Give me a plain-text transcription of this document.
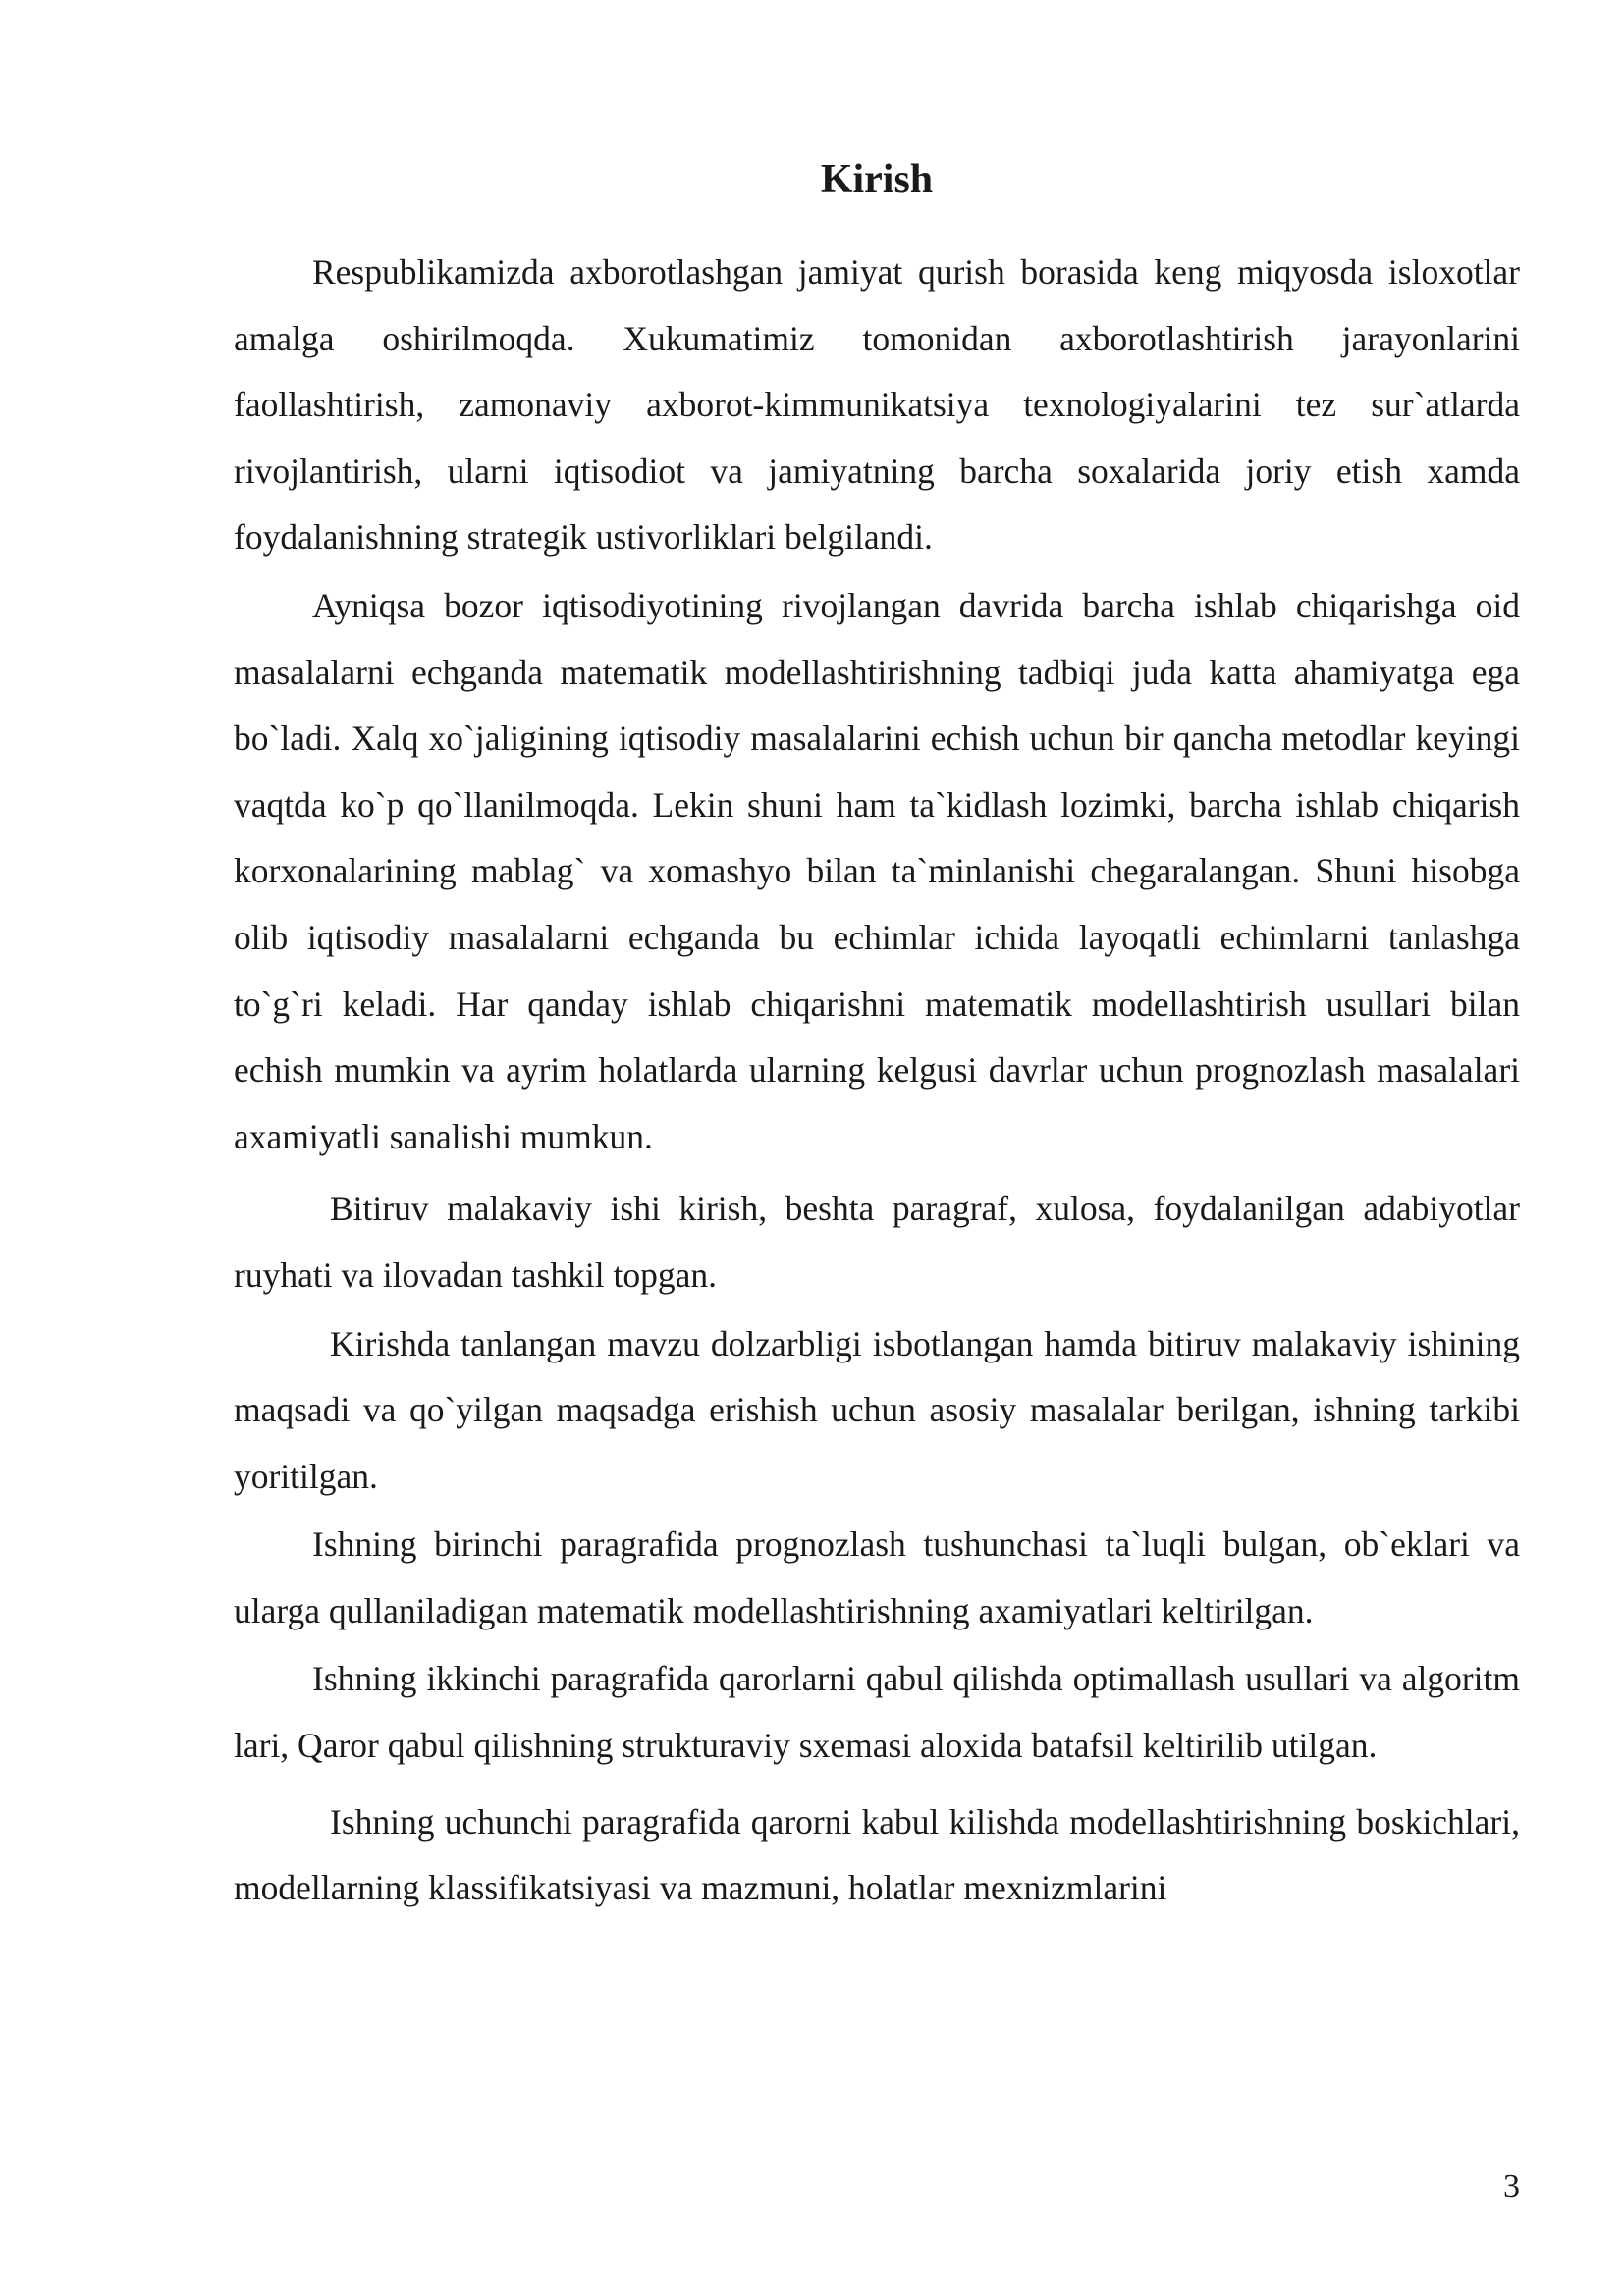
Kirish

Respublikamizda axborotlashgan jamiyat qurish borasida keng miqyosda isloxotlar amalga oshirilmoqda. Xukumatimiz tomonidan axborotlashtirish jarayonlarini faollashtirish, zamonaviy axborot-kimmunikatsiya texnologiyalarini tez sur`atlarda rivojlantirish, ularni iqtisodiot va jamiyatning barcha soxalarida joriy etish xamda foydalanishning strategik ustivorliklari belgilandi.

Ayniqsa bozor iqtisodiyotining rivojlangan davrida barcha ishlab chiqarishga oid masalalarni echganda matematik modellashtirishning tadbiqi juda katta ahamiyatga ega bo`ladi. Xalq xo`jaligining iqtisodiy masalalarini echish uchun bir qancha metodlar keyingi vaqtda ko`p qo`llanilmoqda. Lekin shuni ham ta`kidlash lozimki, barcha ishlab chiqarish korxonalarining mablag` va xomashyo bilan ta`minlanishi chegaralangan. Shuni hisobga olib iqtisodiy masalalarni echganda bu echimlar ichida layoqatli echimlarni tanlashga to`g`ri keladi. Har qanday ishlab chiqarishni matematik modellashtirish usullari bilan echish mumkin va ayrim holatlarda ularning kelgusi davrlar uchun prognozlash masalalari axamiyatli sanalishi mumkun.

Bitiruv malakaviy ishi kirish, beshta paragraf, xulosa, foydalanilgan adabiyotlar ruyhati va ilovadan tashkil topgan.

Kirishda tanlangan mavzu dolzarbligi isbotlangan hamda bitiruv malakaviy ishining maqsadi va qo`yilgan maqsadga erishish uchun asosiy masalalar berilgan, ishning tarkibi yoritilgan.

Ishning birinchi paragrafida prognozlash tushunchasi ta`luqli bulgan, ob`eklari va ularga qullaniladigan matematik modellashtirishning axamiyatlari keltirilgan.

Ishning ikkinchi paragrafida qarorlarni qabul qilishda optimallash usullari va algoritm lari, Qaror qabul qilishning strukturaviy sxemasi aloxida batafsil keltirilib utilgan.

Ishning uchunchi paragrafida qarorni kabul kilishda modellashtirishning boskichlari, modellarning klassifikatsiyasi va mazmuni, holatlar mexnizmlarini

3
